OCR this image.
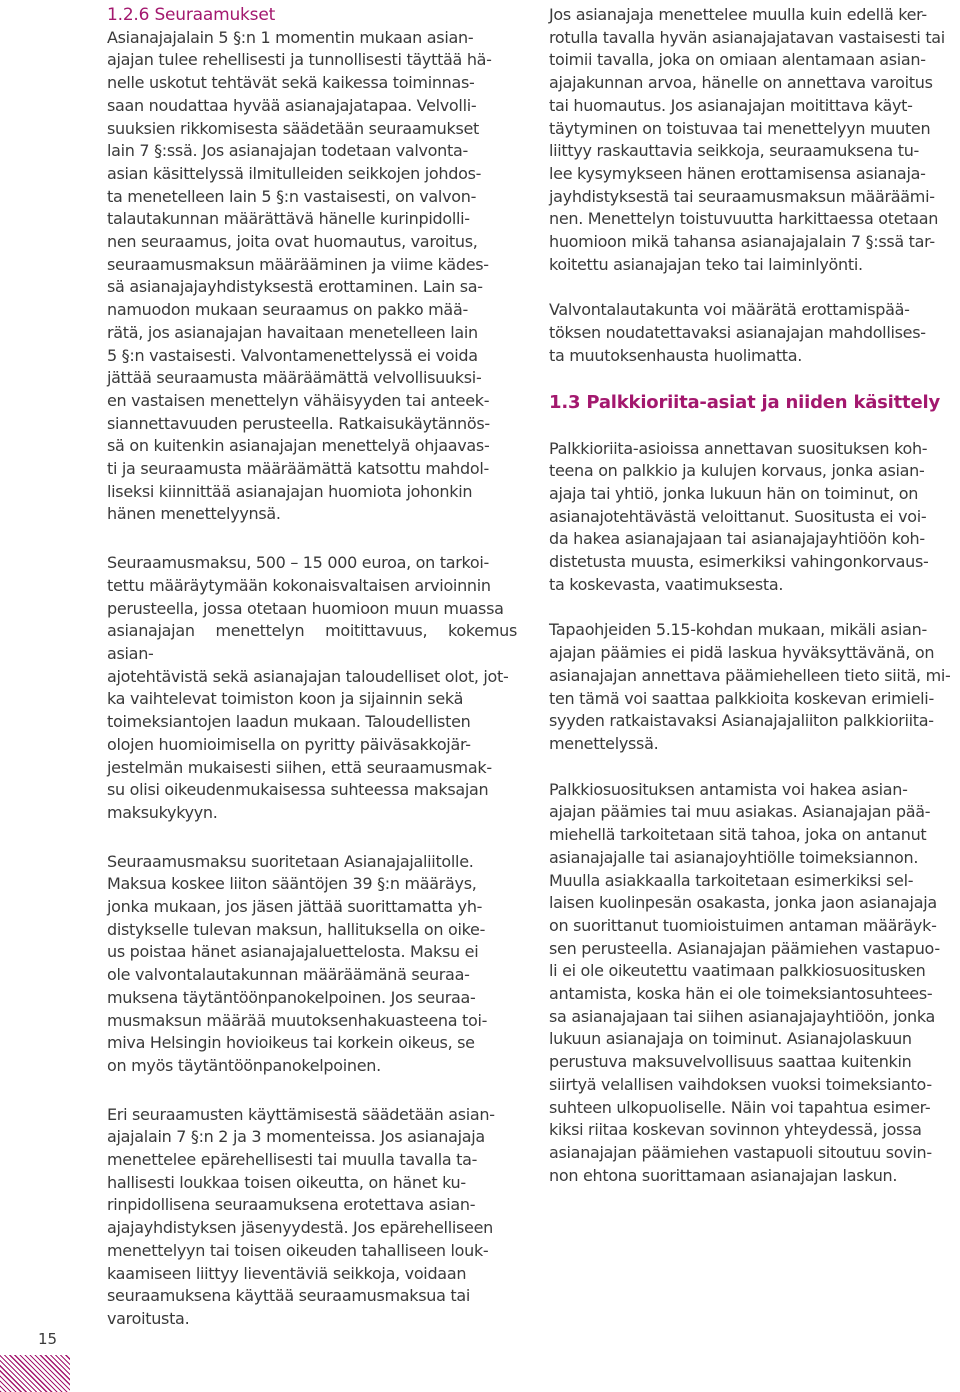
1.2.6 Seuraamukset

Asianajajalain 5 §:n 1 momentin mukaan asian-
ajajan tulee rehellisesti ja tunnollisesti täyttää hä-
nelle uskotut tehtävät sekä kaikessa toiminnas-
saan noudattaa hyvää asianajajatapaa. Velvolli-
suuksien rikkomisesta säädetään seuraamukset
lain 7 §:ssä. Jos asianajajan todetaan valvonta-
asian käsittelyssä ilmitulleiden seikkojen johdos-
ta menetelleen lain 5 §:n vastaisesti, on valvon-
talautakunnan määrättävä hänelle kurinpidolli-
nen seuraamus, joita ovat huomautus, varoitus,
seuraamusmaksun määrääminen ja viime kädes-
sä asianajajayhdistyksestä erottaminen. Lain sa-
namuodon mukaan seuraamus on pakko mää-
rätä, jos asianajajan havaitaan menetelleen lain
5 §:n vastaisesti. Valvontamenettelyssä ei voida
jättää seuraamusta määräämättä velvollisuuksi-
en vastaisen menettelyn vähäisyyden tai anteek-
siannettavuuden perusteella. Ratkaisukäytännös-
sä on kuitenkin asianajajan menettelyä ohjaavas-
ti ja seuraamusta määräämättä katsottu mahdol-
liseksi kiinnittää asianajajan huomiota johonkin
hänen menettelyynsä.

Seuraamusmaksu, 500 – 15 000 euroa, on tarkoi-
tettu määräytymään kokonaisvaltaisen arvioinnin
perusteella, jossa otetaan huomioon muun muassa
asianajajan menettelyn moitittavuus, kokemus asian-
ajotehtävistä sekä asianajajan taloudelliset olot, jot-
ka vaihtelevat toimiston koon ja sijainnin sekä
toimeksiantojen laadun mukaan. Taloudellisten
olojen huomioimisella on pyritty päiväsakkojär-
jestelmän mukaisesti siihen, että seuraamusmak-
su olisi oikeudenmukaisessa suhteessa maksajan
maksukykyyn.

Seuraamusmaksu suoritetaan Asianajajaliitolle.
Maksua koskee liiton sääntöjen 39 §:n määräys,
jonka mukaan, jos jäsen jättää suorittamatta yh-
distykselle tulevan maksun, hallituksella on oike-
us poistaa hänet asianajajaluettelosta. Maksu ei
ole valvontalautakunnan määräämänä seuraa-
muksena täytäntöönpanokelpoinen. Jos seuraa-
musmaksun määrää muutoksenhakuasteena toi-
miva Helsingin hovioikeus tai korkein oikeus, se
on myös täytäntöönpanokelpoinen.

Eri seuraamusten käyttämisestä säädetään asian-
ajajalain 7 §:n 2 ja 3 momenteissa. Jos asianajaja
menettelee epärehellisesti tai muulla tavalla ta-
hallisesti loukkaa toisen oikeutta, on hänet ku-
rinpidollisena seuraamuksena erotettava asian-
ajajayhdistyksen jäsenyydestä. Jos epärehelliseen
menettelyyn tai toisen oikeuden tahalliseen louk-
kaamiseen liittyy lieventäviä seikkoja, voidaan
seuraamuksena käyttää seuraamusmaksua tai
varoitusta.

Jos asianajaja menettelee muulla kuin edellä ker-
rotulla tavalla hyvän asianajajatavan vastaisesti tai
toimii tavalla, joka on omiaan alentamaan asian-
ajajakunnan arvoa, hänelle on annettava varoitus
tai huomautus. Jos asianajajan moitittava käyt-
täytyminen on toistuvaa tai menettelyyn muuten
liittyy raskauttavia seikkoja, seuraamuksena tu-
lee kysymykseen hänen erottamisensa asianaja-
jayhdistyksestä tai seuraamusmaksun määräämi-
nen. Menettelyn toistuvuutta harkittaessa otetaan
huomioon mikä tahansa asianajajalain 7 §:ssä tar-
koitettu asianajajan teko tai laiminlyönti.

Valvontalautakunta voi määrätä erottamispää-
töksen noudatettavaksi asianajajan mahdollises-
ta muutoksenhausta huolimatta.

1.3 Palkkioriita-asiat ja niiden käsittely

Palkkioriita-asioissa annettavan suosituksen koh-
teena on palkkio ja kulujen korvaus, jonka asian-
ajaja tai yhtiö, jonka lukuun hän on toiminut, on
asianajotehtävästä veloittanut. Suositusta ei voi-
da hakea asianajajaan tai asianajajayhtiöön koh-
distetusta muusta, esimerkiksi vahingonkorvaus-
ta koskevasta, vaatimuksesta.

Tapaohjeiden 5.15-kohdan mukaan, mikäli asian-
ajajan päämies ei pidä laskua hyväksyttävänä, on
asianajajan annettava päämiehelleen tieto siitä, mi-
ten tämä voi saattaa palkkioita koskevan erimieli-
syyden ratkaistavaksi Asianajajaliiton palkkioriita-
menettelyssä.

Palkkiosuosituksen antamista voi hakea asian-
ajajan päämies tai muu asiakas. Asianajajan pää-
miehellä tarkoitetaan sitä tahoa, joka on antanut
asianajajalle tai asianajoyhtiölle toimeksiannon.
Muulla asiakkaalla tarkoitetaan esimerkiksi sel-
laisen kuolinpesän osakasta, jonka jaon asianajaja
on suorittanut tuomioistuimen antaman määräyk-
sen perusteella. Asianajajan päämiehen vastapuo-
li ei ole oikeutettu vaatimaan palkkiosuositusken
antamista, koska hän ei ole toimeksiantosuhtees-
sa asianajajaan tai siihen asianajajayhtiöön, jonka
lukuun asianajaja on toiminut. Asianajolaskuun
perustuva maksuvelvollisuus saattaa kuitenkin
siirtyä velallisen vaihdoksen vuoksi toimeksianto-
suhteen ulkopuoliselle. Näin voi tapahtua esimer-
kiksi riitaa koskevan sovinnon yhteydessä, jossa
asianajajan päämiehen vastapuoli sitoutuu sovin-
non ehtona suorittamaan asianajajan laskun.

15
